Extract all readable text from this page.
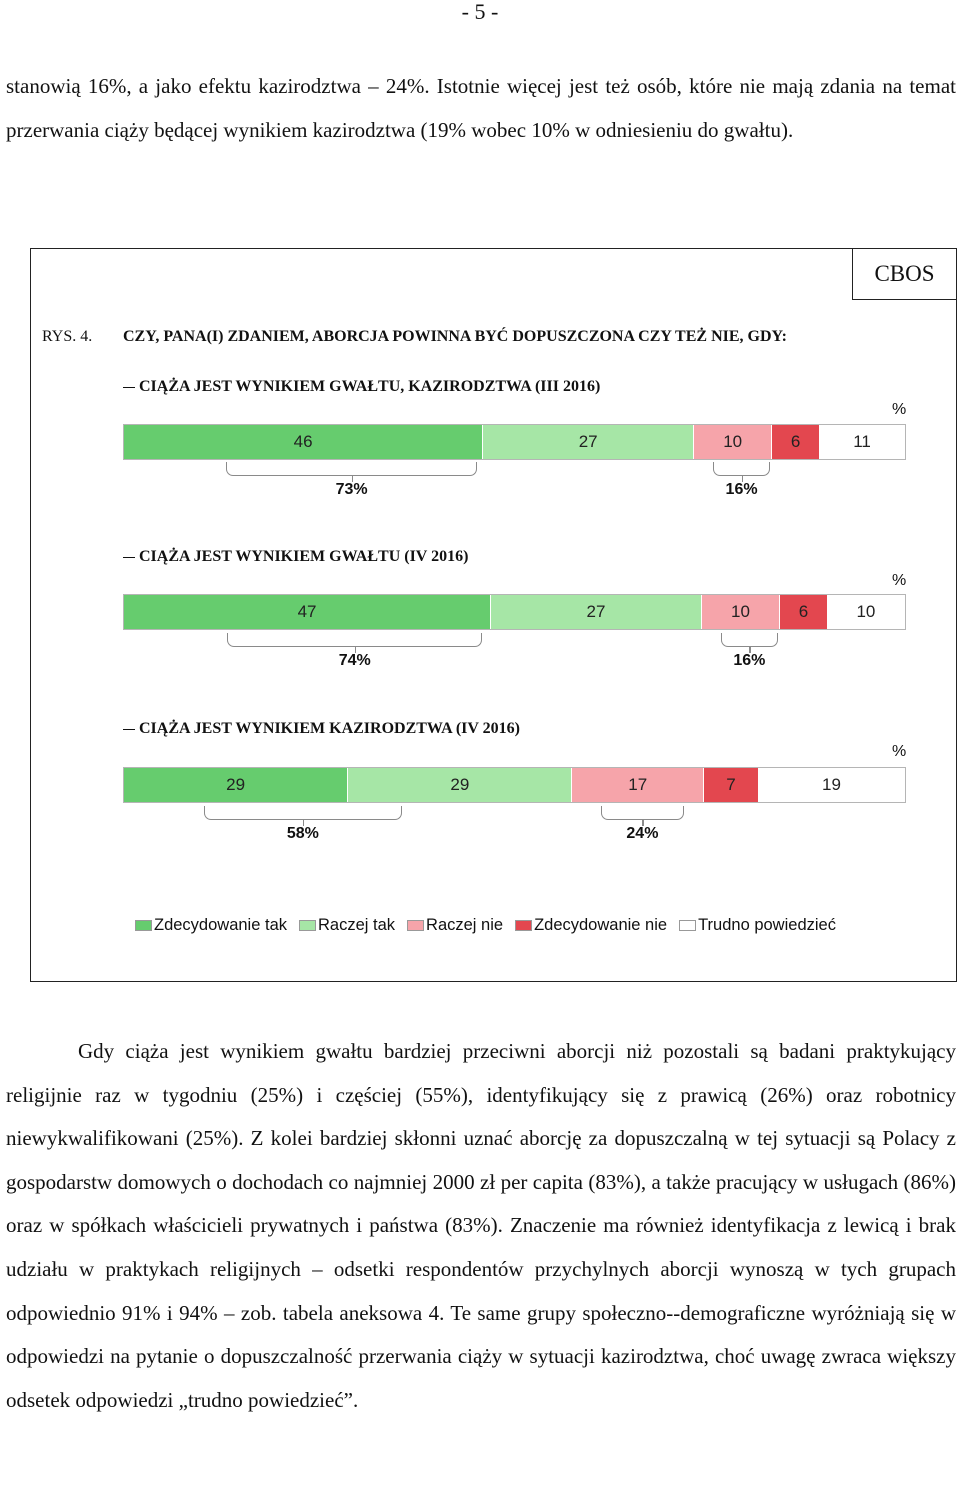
- 5 -

stanowią 16%, a jako efektu kazirodztwa – 24%. Istotnie więcej jest też osób, które nie mają zdania na temat przerwania ciąży będącej wynikiem kazirodztwa (19% wobec 10% w odniesieniu do gwałtu).

CBOS
RYS. 4. CZY, PANA(I) ZDANIEM, ABORCJA POWINNA BYĆ DOPUSZCZONA CZY TEŻ NIE, GDY:
CIĄŻA JEST WYNIKIEM GWAŁTU, KAZIRODZTWA (III 2016)
%
46	27	10	6	11
73%	16%
CIĄŻA JEST WYNIKIEM GWAŁTU (IV 2016)
%
47	27	10	6	10
74%	16%
CIĄŻA JEST WYNIKIEM KAZIRODZTWA (IV 2016)
%
29	29	17	7	19
58%	24%
Zdecydowanie tak Raczej tak Raczej nie Zdecydowanie nie Trudno powiedzieć

Gdy ciąża jest wynikiem gwałtu bardziej przeciwni aborcji niż pozostali są badani praktykujący religijnie raz w tygodniu (25%) i częściej (55%), identyfikujący się z prawicą (26%) oraz robotnicy niewykwalifikowani (25%). Z kolei bardziej skłonni uznać aborcję za dopuszczalną w tej sytuacji są Polacy z gospodarstw domowych o dochodach co najmniej 2000 zł per capita (83%), a także pracujący w usługach (86%) oraz w spółkach właścicieli prywatnych i państwa (83%). Znaczenie ma również identyfikacja z lewicą i brak udziału w praktykach religijnych – odsetki respondentów przychylnych aborcji wynoszą w tych grupach odpowiednio 91% i 94% – zob. tabela aneksowa 4. Te same grupy społeczno--demograficzne wyróżniają się w odpowiedzi na pytanie o dopuszczalność przerwania ciąży w sytuacji kazirodztwa, choć uwagę zwraca większy odsetek odpowiedzi „trudno powiedzieć”.
